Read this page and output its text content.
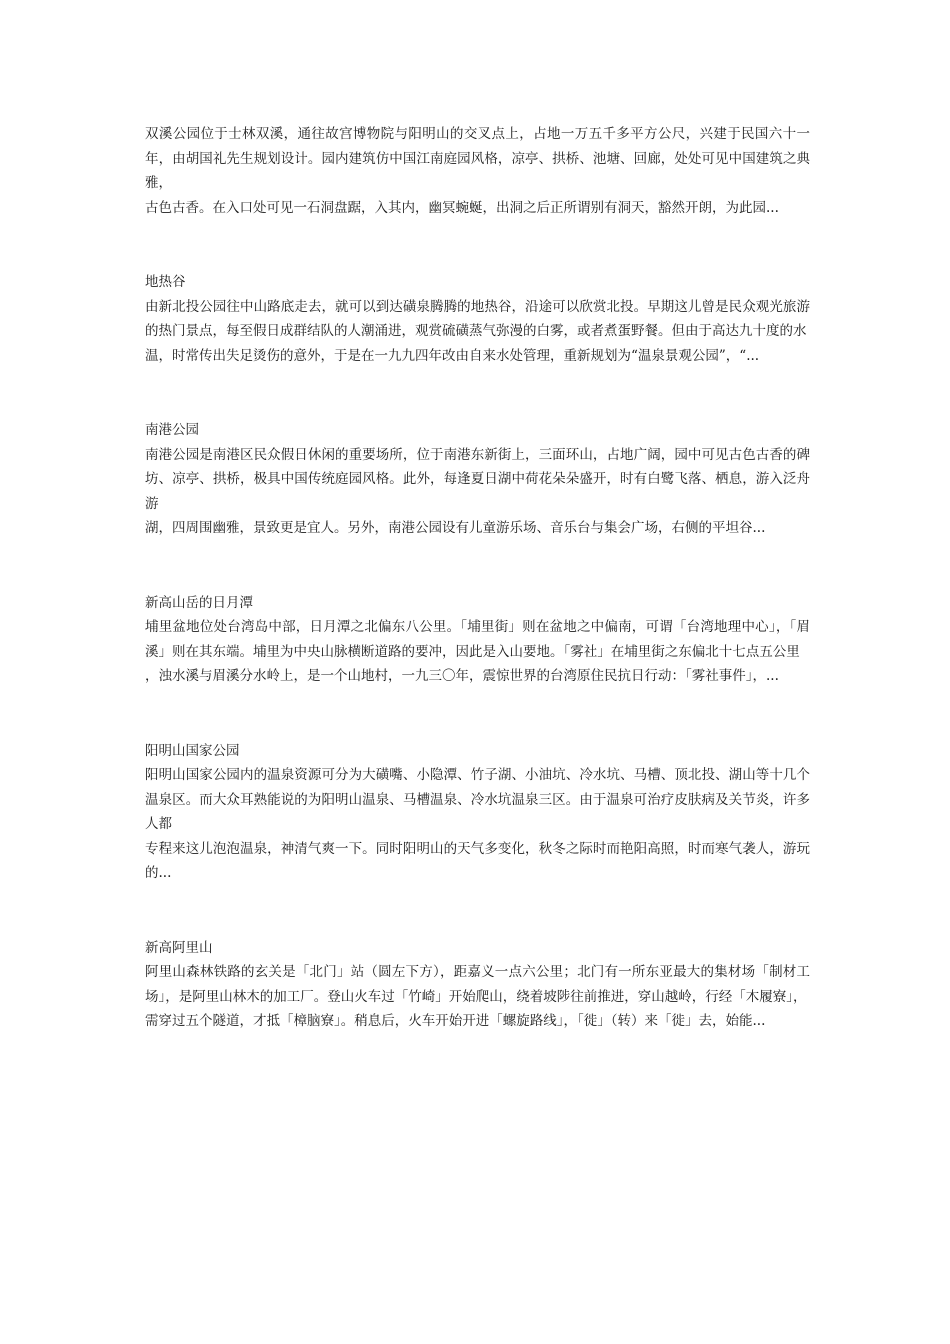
双溪公园位于士林双溪，通往故宫博物院与阳明山的交叉点上，占地一万五千多平方公尺，兴建于民国六十一年，由胡国礼先生规划设计。园内建筑仿中国江南庭园风格，凉亭、拱桥、池塘、回廊，处处可见中国建筑之典雅，

古色古香。在入口处可见一石洞盘踞，入其内，幽冥蜿蜒，出洞之后正所谓别有洞天，豁然开朗，为此园...

地热谷

由新北投公园往中山路底走去，就可以到达磺泉腾腾的地热谷，沿途可以欣赏北投。早期这儿曾是民众观光旅游的热门景点，每至假日成群结队的人潮涌进，观赏硫磺蒸气弥漫的白雾，或者煮蛋野餐。但由于高达九十度的水

温，时常传出失足烫伤的意外，于是在一九九四年改由自来水处管理，重新规划为“温泉景观公园”，“...

南港公园

南港公园是南港区民众假日休闲的重要场所，位于南港东新街上，三面环山，占地广阔，园中可见古色古香的碑坊、凉亭、拱桥，极具中国传统庭园风格。此外，每逢夏日湖中荷花朵朵盛开，时有白鹭飞落、栖息，游入泛舟游

湖，四周围幽雅，景致更是宜人。另外，南港公园设有儿童游乐场、音乐台与集会广场，右侧的平坦谷...

新高山岳的日月潭

埔里盆地位处台湾岛中部，日月潭之北偏东八公里。「埔里街」则在盆地之中偏南，可谓「台湾地理中心」，「眉溪」则在其东端。埔里为中央山脉横断道路的要冲，因此是入山要地。「雾社」在埔里街之东偏北十七点五公里

，浊水溪与眉溪分水岭上，是一个山地村，一九三〇年，震惊世界的台湾原住民抗日行动：「雾社事件」，...

阳明山国家公园

阳明山国家公园内的温泉资源可分为大磺嘴、小隐潭、竹子湖、小油坑、冷水坑、马槽、顶北投、湖山等十几个温泉区。而大众耳熟能说的为阳明山温泉、马槽温泉、冷水坑温泉三区。由于温泉可治疗皮肤病及关节炎，许多人都

专程来这儿泡泡温泉，神清气爽一下。同时阳明山的天气多变化，秋冬之际时而艳阳高照，时而寒气袭人，游玩的...

新高阿里山

阿里山森林铁路的玄关是「北门」站（圆左下方），距嘉义一点六公里；北门有一所东亚最大的集材场「制材工场」，是阿里山林木的加工厂。登山火车过「竹崎」开始爬山，绕着坡陟往前推进，穿山越岭，行经「木履寮」，

需穿过五个隧道，才抵「樟脑寮」。稍息后，火车开始开进「螺旋路线」，「徙」（转）来「徙」去，始能...
